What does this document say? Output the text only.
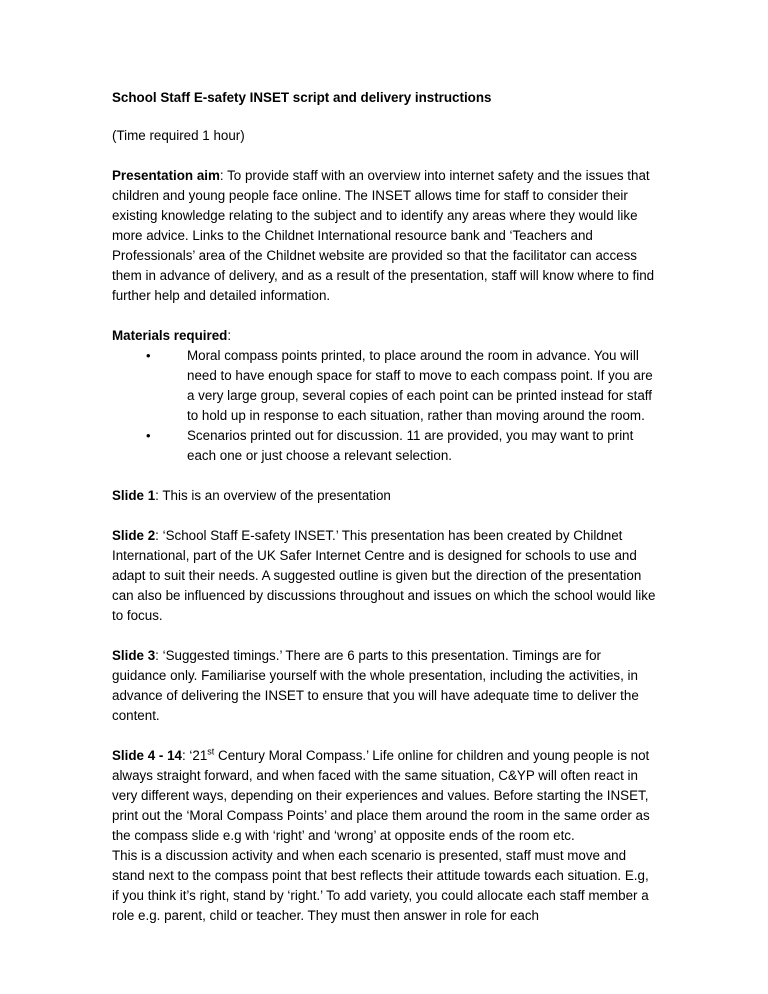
School Staff E-safety INSET script and delivery instructions

(Time required 1 hour)

Presentation aim: To provide staff with an overview into internet safety and the issues that children and young people face online. The INSET allows time for staff to consider their existing knowledge relating to the subject and to identify any areas where they would like more advice. Links to the Childnet International resource bank and ‘Teachers and Professionals’ area of the Childnet website are provided so that the facilitator can access them in advance of delivery, and as a result of the presentation, staff will know where to find further help and detailed information.

Materials required:

•	Moral compass points printed, to place around the room in advance. You will need to have enough space for staff to move to each compass point. If you are a very large group, several copies of each point can be printed instead for staff to hold up in response to each situation, rather than moving around the room.
•	Scenarios printed out for discussion. 11 are provided, you may want to print each one or just choose a relevant selection.

Slide 1: This is an overview of the presentation

Slide 2: ‘School Staff E-safety INSET.’ This presentation has been created by Childnet International, part of the UK Safer Internet Centre and is designed for schools to use and adapt to suit their needs. A suggested outline is given but the direction of the presentation can also be influenced by discussions throughout and issues on which the school would like to focus.

Slide 3: ‘Suggested timings.’ There are 6 parts to this presentation. Timings are for guidance only. Familiarise yourself with the whole presentation, including the activities, in advance of delivering the INSET to ensure that you will have adequate time to deliver the content.

Slide 4 - 14: ‘21st Century Moral Compass.’ Life online for children and young people is not always straight forward, and when faced with the same situation, C&YP will often react in very different ways, depending on their experiences and values. Before starting the INSET, print out the ‘Moral Compass Points’ and place them around the room in the same order as the compass slide e.g with ‘right’ and ‘wrong’ at opposite ends of the room etc.

This is a discussion activity and when each scenario is presented, staff must move and stand next to the compass point that best reflects their attitude towards each situation. E.g, if you think it’s right, stand by ‘right.’ To add variety, you could allocate each staff member a role e.g. parent, child or teacher. They must then answer in role for each
